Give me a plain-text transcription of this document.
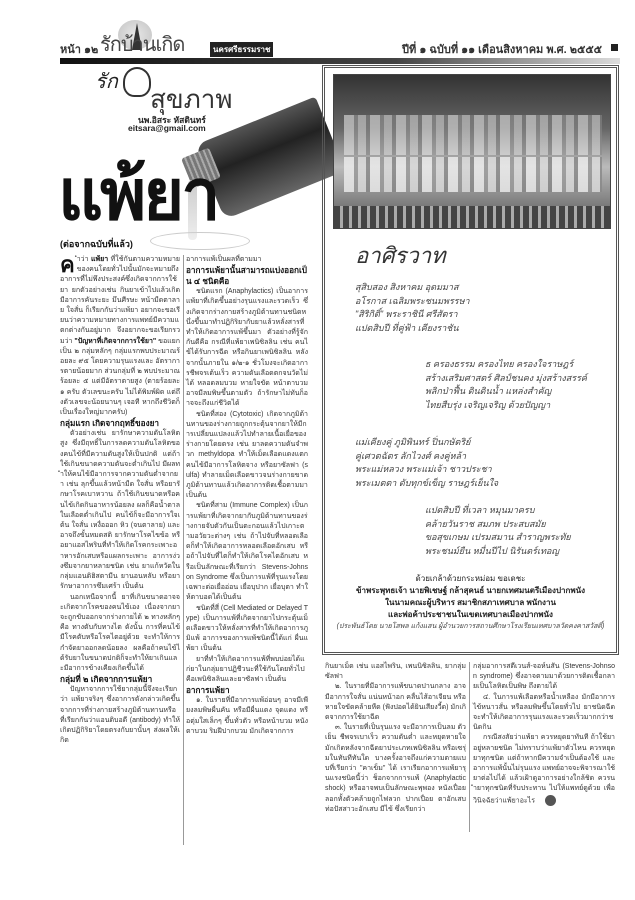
หน้า ๑๒ รักบ้านเกิด	นครศรีธรรมราช	ปีที่ ๑ ฉบับที่ ๑๑ เดือนสิงหาคม พ.ศ. ๒๕๕๕
รัก
สุขภาพ
นพ.อิสระ หัสดินทร์
eitsara@gmail.com
แพ้ยา
(ต่อจากฉบับที่แล้ว)	อาศิรวาท
สุสิบสอง สิงหาคม อุดมมาส
อโรกาส เฉลิมพระชนมพรรษา
"สิริกิติ์" พระราชินี ศรีสัตรา
แปดสิบปี ที่คู่ฟ้า เคียงราชัน
ธ ครองธรรม ครองไทย ครองใจราษฎร์
สร้างเสริมศาสตร์ ศิลป์ชนคง มุ่งสร้างสรรค์
พลิกป่าฟื้น ดินดินน้ำ แหล่งสำคัญ
ไทยสืบรุ่ง เจริญเจริญ ด้วยปัญญา
แม่เคียงคู่ ภูมิพินทร์ ปิ่นกษัตริย์
คู่เศวตฉัตร ลักไวงศ์ คงคู่หล้า
พระแม่หลวง พระแม่เจ้า ชาวประชา
พระเมตตา ดับทุกข์เข็ญ ราษฎร์เย็นใจ
แปดสิบปี ที่เวลา หมุนมาครบ
คล้ายวันราช สมภพ ประสบสมัย
ขอสุขเกษม เปรมสมาน สำราญพระทัย
พระชนม์ยืน หมื่นปีไป นิรันดร์เทอญ
ด้วยเกล้าด้วยกระหม่อม ขอเดชะ
ข้าพระพุทธเจ้า นายพิเชษฐ์ กล้าสุคนธ์ นายกเทศมนตรีเมืองปากพนัง
ในนามคณะผู้บริหาร สมาชิกสภาเทศบาล พนักงาน
และพ่อค้าประชาชนในเขตเทศบาลเมืองปากพนัง
(ประพันธ์โดย นายโสพล แก้งแสน ผู้อำนวยการสถานศึกษาโรงเรียนเทศบาลวัดคงคาสวัสดิ์)

คำว่า แพ้ยา ที่ใช้กันตามความหมายของคนโดยทั่วไปนั้นมักจะหมายถึงอาการที่ไม่พึงประสงค์ซึ่งเกิดจากการใช้ยา ยกตัวอย่างเช่น กินยาเข้าไปแล้วเกิดมีอาการคันระยะ มึนศีรษะ หน้ามืดตาลาย ใจสั่น ก็เรียกกันว่าแพ้ยา อยากจะขอเรียนว่าความหมายทางการแพทย์มีความแตกต่างกันอยู่มาก จึงอยากจะขอเรียกรวมว่า "ปัญหาที่เกิดจากการใช้ยา" ขอแยกเป็น ๒ กลุ่มหลักๆ กลุ่มแรกพบประมาณร้อยละ ๙๕ โดยความรุนแรงและ อัตราการตายน้อยมาก ส่วนกลุ่มที่ ๒ พบประมาณร้อยละ ๕ แต่มีอัตราตายสูง (ตายร้อยละ ๑ ครับ ตัวเลขนะครับ ไม่ได้พิมพ์ผิด แต่ถึงตัวเลขจะน้อยนานๆ เจอที หากถึงชีวิตก็เป็นเรื่องใหญ่มากครับ)

กลุ่มแรก เกิดจากฤทธิ์ของยา

ตัวอย่างเช่น ยารักษาความดันโลหิตสูง ซึ่งมีฤทธิ์ในการลดความดันโลหิตของคนไข้ที่มีความดันสูงให้เป็นปกติ แต่ถ้าใช้เกินขนาดความดันจะต่ำเกินไป มีผลทำให้คนไข้มีอาการจากความดันต่ำจากยา เช่น ลุกขึ้นแล้วหน้ามืด ใจสั่น หรือยารักษาโรคเบาหวาน ถ้าใช้เกินขนาดหรือคนไข้เกิดกินอาหารน้อยลง ผลก็คือน้ำตาลในเลือดต่ำเกินไป คนไข้ก็จะมีอาการใจเต้น ใจสั่น เหงื่อออก หิว (จนตาลาย) และอาจถึงขั้นหมดสติ ยารักษาโรคไขข้อ หรือยาแอสไพรินที่ทำให้เกิดโรคกระเพาะอาหารอักเสบหรือแผลกระเพาะ อาการง่วงซึมจากยาหลายชนิด เช่น ยาแก้หวัดในกลุ่มแอนติฮิสตามีน ยานอนหลับ หรือยารักษาอาการซึมเศร้า เป็นต้น

นอกเหนือจากนี้ ยาที่เกินขนาดอาจจะเกิดจากโรคของคนไข้เอง เนื่องจากยาจะถูกขับออกจากร่างกายได้ ๒ ทางหลักๆ คือ ทางตับกับทางไต ดังนั้น การที่คนไข้มีโรคตับหรือโรคไตอยู่ด้วย จะทำให้การกำจัดยาออกลดน้อยลง ผลคือถ้าคนไข้ได้รับยาในขนาดปกติก็จะทำให้ยาเกินและมีอาการข้างเคียงเกิดขึ้นได้

กลุ่มที่ ๒ เกิดจากการแพ้ยา

ปัญหาจากการใช้ยากลุ่มนี้จึงจะเรียกว่า แพ้ยาจริงๆ ซึ่งอาการดังกล่าวเกิดขึ้นจากการที่ร่างกายสร้างภูมิต้านทานหรือที่เรียกกันว่าแอนติบอดี (antibody) ทำให้เกิดปฏิกิริยาโดยตรงกับยานั้นๆ ส่งผลให้เกิด

อาการแพ้เป็นผลที่ตามมา

อาการแพ้ยานั้นสามารถแบ่งออกเป็น ๔ ชนิดคือ

ชนิดแรก (Anaphylactics) เป็นอาการแพ้ยาที่เกิดขึ้นอย่างรุนแรงและรวดเร็ว ซึ่งเกิดจากร่างกายสร้างภูมิต้านทานชนิดหนึ่งขึ้นมาทำปฏิกิริยากับยาแล้วหลั่งสารที่ทำให้เกิดอาการแพ้ขึ้นมา ตัวอย่างที่รู้จักกันดีคือ กรณีที่แพ้ยาเพนิซิลลิน เช่น คนไข้ได้รับการฉีด หรือกินยาเพนิซิลลิน หลังจากนั้นภายใน ๑/๒-๑ ชั่วโมงจะเกิดอาการชีพจรเต้นเร็ว ความดันเลือดตกจนวัดไม่ได้ หลอดลมบวม หายใจขัด หน้าตาบวม อาจมีลมพิษขึ้นตามตัว ถ้ารักษาไม่ทันก็อาจจะถึงแก่ชีวิตได้

ชนิดที่สอง (Cytotoxic) เกิดจากภูมิต้านทานของร่างกายถูกกระตุ้นจากยาให้มีการเปลี่ยนแปลงแล้วไปทำลายเนื้อเยื่อของร่างกายโดยตรง เช่น ยาลดความดันจำพวก methyldopa ทำให้เม็ดเลือดแดงแตก คนไข้มีอาการโลหิตจาง หรือยาซัลฟา (sulfa) ทำลายเม็ดเลือดขาวจนร่างกายขาดภูมิต้านทานแล้วเกิดอาการติดเชื้อตามมาเป็นต้น

ชนิดที่สาม (Immune Complex) เป็นการแพ้ยาที่เกิดจากยากับภูมิต้านทานของร่างกายจับตัวกันเป็นตะกอนแล้วไปเกาะตามอวัยวะต่างๆ เช่น ถ้าไปจับที่หลอดเลือดก็ทำให้เกิดอาการหลอดเลือดอักเสบ หรือถ้าไปจับที่ไตก็ทำให้เกิดโรคไตอักเสบ หรือเป็นลักษณะที่เรียกว่า Stevens-Johnson Syndrome ซึ่งเป็นการแพ้ที่รุนแรงโดยเฉพาะต่อเยื่ออ่อน เยื่อบุปาก เยื่อบุตา ทำให้ตาบอดได้เป็นต้น

ชนิดที่สี่ (Cell Mediated or Delayed Type) เป็นการแพ้ที่เกิดจากยาไปกระตุ้นเม็ดเลือดขาวให้หลั่งสารที่ทำให้เกิดอาการภูมิแพ้ อาการของการแพ้ชนิดนี้ได้แก่ ผื่นแพ้ยา เป็นต้น

ยาที่ทำให้เกิดอาการแพ้ที่พบบ่อยได้แก่ยาในกลุ่มยาปฏิชีวนะที่ใช้กันโดยทั่วไป คือเพนิซิลลินและยาซัลฟา เป็นต้น

อาการแพ้ยา

๑. ในรายที่มีอาการแพ้อ่อนๆ อาจมีเพียงลมพิษผื่นคัน หรือมีผื่นแดง จุดแดง หรือตุ่มใสเล็กๆ ขึ้นทั่วตัว หรือหน้าบวม หนังตาบวม ริมฝีปากบวม มักเกิดจากการ

กินยาเม็ด เช่น แอสไพริน, เพนนิซิลลิน, ยากลุ่มซัลฟา

๒. ในรายที่มีอาการแพ้ขนาดปานกลาง อาจมีอาการใจสั่น แน่นหน้าอก คลื่นไส้อาเจียน หรือหายใจขัดคล้ายหืด (ฟังปอดได้ยินเสียงวี้ด) มักเกิดจากการใช้ยาฉีด

๓. ในรายที่เป็นรุนแรง จะมีอาการเป็นลม ตัวเย็น ชีพจรเบาเร็ว ความดันต่ำ และหยุดหายใจ มักเกิดหลังจากฉีดยาประเภทเพนิซิลลิน หรือเซรุ่มในทันทีทันใด บางครั้งอาจถึงแก่ความตายแบบที่เรียกว่า "คาเข็ม" ได้ เราเรียกอาการแพ้ยารุนแรงชนิดนี้ว่า ช็อกจากการแพ้ (Anaphylactic shock) หรืออาจพบเป็นลักษณะพุพอง หนังเปื่อยลอกทั้งตัวคล้ายถูกไฟลวก ปากเปื่อย ตาอักเสบ ท่อปัสสาวะอักเสบ มีไข้ ซึ่งเรียกว่า

กลุ่มอาการสตีเวนส์-จอห์นสัน (Stevens-Johnson syndrome) ซึ่งอาจตามมาด้วยการติดเชื้อกลายเป็นโลหิตเป็นพิษ ถึงตายได้

๔. ในการแพ้เลือดหรือน้ำเหลือง มักมีอาการไข้หนาวสั่น หรือลมพิษขึ้นโดยทั่วไป ยาชนิดฉีดจะทำให้เกิดอาการรุนแรงและรวดเร็วมากกว่าชนิดกิน

กรณีสงสัยว่าแพ้ยา ควรหยุดยาทันที ถ้าใช้ยาอยู่หลายชนิด ไม่ทราบว่าแพ้ยาตัวไหน ควรหยุดยาทุกชนิด แต่ถ้าหากมีความจำเป็นต้องใช้ และอาการแพ้นั้นไม่รุนแรง แพทย์อาจจะพิจารณาใช้ยาต่อไปได้ แล้วเฝ้าดูอาการอย่างใกล้ชิด ควรนำยาทุกชนิดที่รับประทาน ไปให้แพทย์ดูด้วย เพื่อวินิจฉัยว่าแพ้ยาอะไร
